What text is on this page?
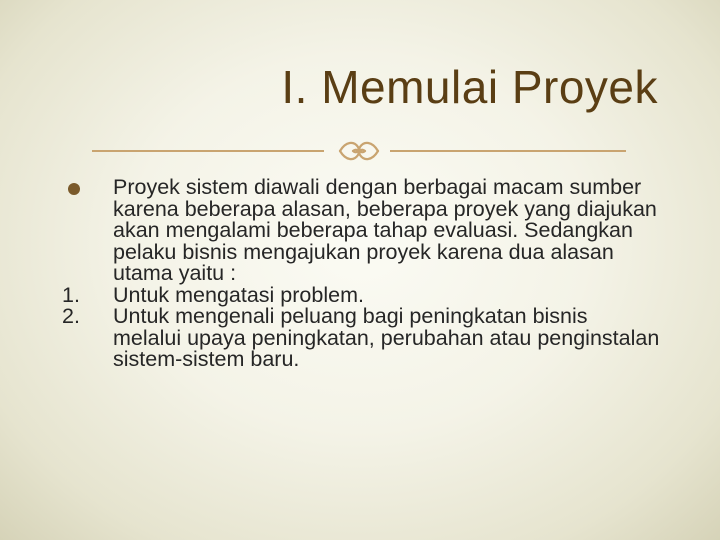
I. Memulai Proyek

Proyek sistem diawali dengan berbagai macam sumber karena beberapa alasan, beberapa proyek yang diajukan akan mengalami beberapa tahap evaluasi. Sedangkan pelaku bisnis mengajukan proyek karena dua alasan utama yaitu :

1. Untuk mengatasi problem.

2. Untuk mengenali peluang bagi peningkatan bisnis melalui upaya peningkatan, perubahan atau penginstalan sistem-sistem baru.
